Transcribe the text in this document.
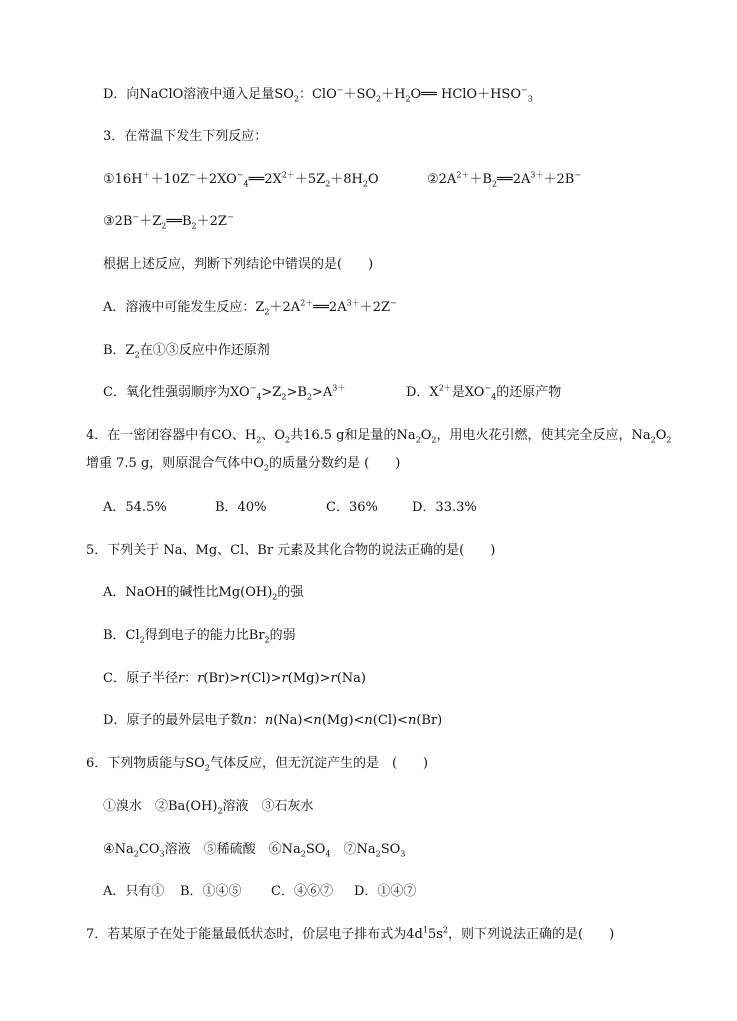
D．向NaClO溶液中通入足量$SO_2$：$ClO^-+SO_2+H_2O══$ $HClO+HSO^-_3$
3．在常温下发生下列反应：
$①16H^++10Z^-+2XO^-_4══2X^{2+}+5Z_2+8H_2O$	$②2A^{2+}+B_2══2A^{3+}+2B^-$
$③2B^-+Z_2══B_2+2Z^-$
根据上述反应，判断下列结论中错误的是(　　)
A．溶液中可能发生反应：$Z_2+2A^{2+}══2A^{3+}+2Z^-$
B．$Z_2$在①③反应中作还原剂
C．氧化性强弱顺序为$XO^-_4>Z_2>B_2>A^{3+}$	D．$X^{2+}$是$XO^-_4$的还原产物
4．在一密闭容器中有CO、$H_2$、$O_2$共16.5 g和足量的$Na_2O_2$，用电火花引燃，使其完全反应，$Na_2O_2$
增重 7.5 g，则原混合气体中$O_2$的质量分数约是 (　　)
A．54.5%	B．40%	C．36%	D．33.3%
5．下列关于 Na、Mg、Cl、Br 元素及其化合物的说法正确的是(　　)
A．NaOH的碱性比$Mg(OH)_2$的强
B．$Cl_2$得到电子的能力比$Br_2$的弱
C．原子半径r：r(Br)>r(Cl)>r(Mg)>r(Na)
D．原子的最外层电子数n：n(Na)<n(Mg)<n(Cl)<n(Br)
6．下列物质能与$SO_2$气体反应，但无沉淀产生的是　(　　)
①溴水　$②Ba(OH)_2$溶液　③石灰水
$④Na_2CO_3$溶液　⑤稀硫酸　$⑥Na_2SO_4$　$⑦Na_2SO_3$
A．只有① B．①④⑤ C．④⑥⑦ D．①④⑦
7．若某原子在处于能量最低状态时，价层电子排布式为$4d^15s^2$，则下列说法正确的是(　　)
